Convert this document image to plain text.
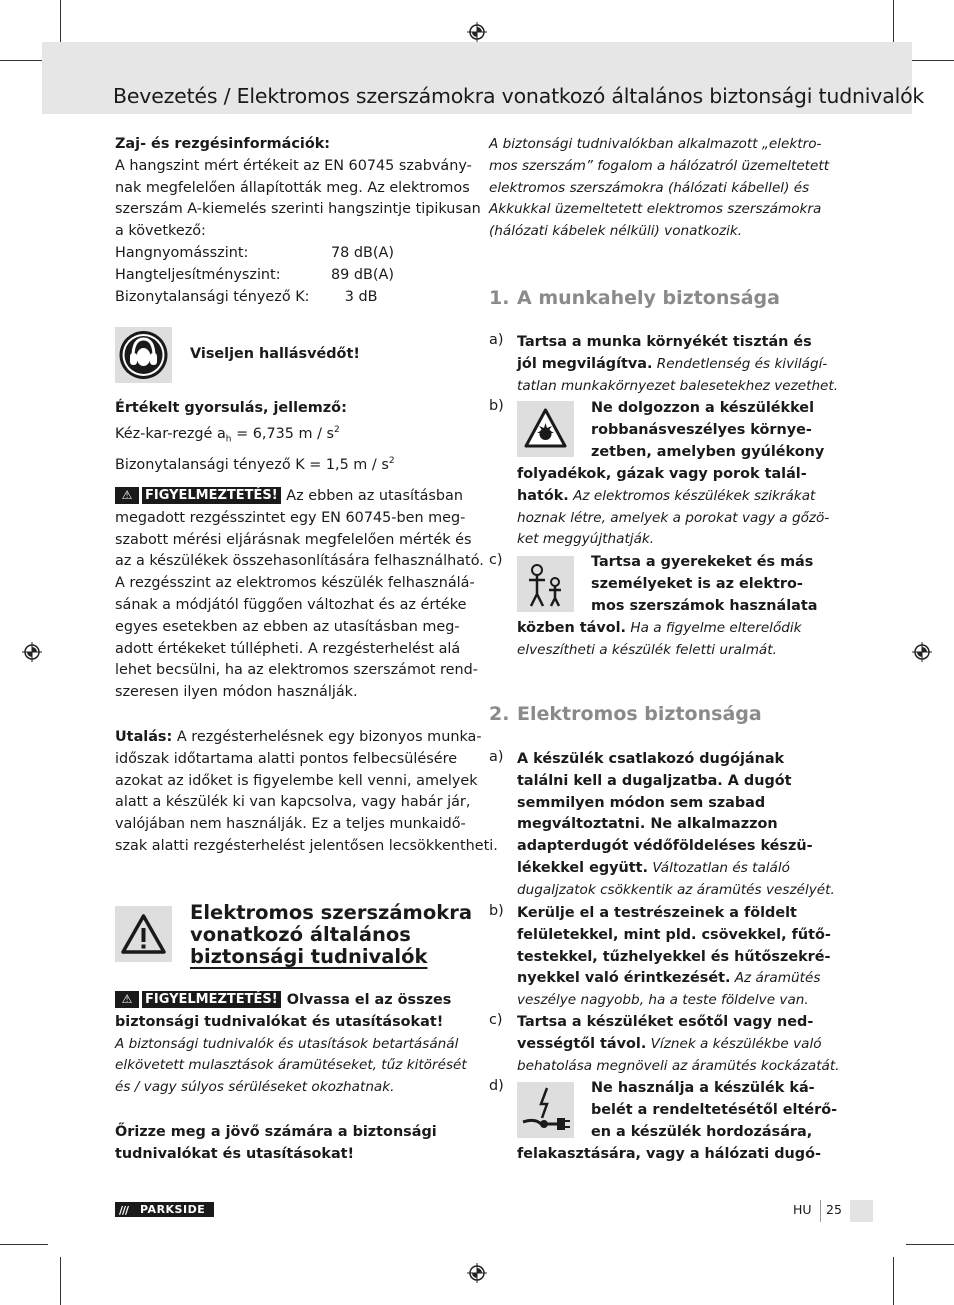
Bevezetés / Elektromos szerszámokra vonatkozó általános biztonsági tudnivalók
Zaj- és rezgésinformációk:
A hangszint mért értékeit az EN 60745 szabvány-
nak megfelelően állapították meg. Az elektromos
szerszám A-kiemelés szerinti hangszintje tipikusan
a következő:
Hangnyomásszint:	78 dB(A)
Hangteljesítményszint:	89 dB(A)
Bizonytalansági tényező K: 3 dB
Viseljen hallásvédőt!
Értékelt gyorsulás, jellemző:
Kéz-kar-rezgé $a_h = 6,735$ m / $s^2$
Bizonytalansági tényező K = 1,5 m / $s^2$
⚠ FIGYELMEZTETÉS! Az ebben az utasításban
megadott rezgésszintet egy EN 60745-ben meg-
szabott mérési eljárásnak megfelelően mérték és
az a készülékek összehasonlítására felhasználható.
A rezgésszint az elektromos készülék felhasználá-
sának a módjától függően változhat és az értéke
egyes esetekben az ebben az utasításban meg-
adott értékeket túllépheti. A rezgésterhelést alá
lehet becsülni, ha az elektromos szerszámot rend-
szeresen ilyen módon használják.
Utalás: A rezgésterhelésnek egy bizonyos munka-
időszak időtartama alatti pontos felbecsülésére
azokat az időket is figyelembe kell venni, amelyek
alatt a készülék ki van kapcsolva, vagy habár jár,
valójában nem használják. Ez a teljes munkaidő-
szak alatti rezgésterhelést jelentősen lecsökkentheti.
Elektromos szerszámokra
vonatkozó általános
biztonsági tudnivalók
⚠ FIGYELMEZTETÉS! Olvassa el az összes
biztonsági tudnivalókat és utasításokat!
A biztonsági tudnivalók és utasítások betartásánál
elkövetett mulasztások áramütéseket, tűz kitörését
és / vagy súlyos sérüléseket okozhatnak.
Őrizze meg a jövő számára a biztonsági
tudnivalókat és utasításokat!
A biztonsági tudnivalókban alkalmazott „elektro-
mos szerszám” fogalom a hálózatról üzemeltetett
elektromos szerszámokra (hálózati kábellel) és
Akkukkal üzemeltetett elektromos szerszámokra
(hálózati kábelek nélküli) vonatkozik.
1. A munkahely biztonsága
a) Tartsa a munka környékét tisztán és
jól megvilágítva. Rendetlenség és kivilágí-
tatlan munkakörnyezet balesetekhez vezethet.
b)	Ne dolgozzon a készülékkel
robbanásveszélyes környe-
zetben, amelyben gyúlékony
folyadékok, gázak vagy porok talál-
hatók. Az elektromos készülékek szikrákat
hoznak létre, amelyek a porokat vagy a gőzö-
ket meggyújthatják.
c)	Tartsa a gyerekeket és más
személyeket is az elektro-
mos szerszámok használata
közben távol. Ha a figyelme elterelődik
elveszítheti a készülék feletti uralmát.
2. Elektromos biztonsága
a) A készülék csatlakozó dugójának
találni kell a dugaljzatba. A dugót
semmilyen módon sem szabad
megváltoztatni. Ne alkalmazzon
adapterdugót védőföldeléses készü-
lékekkel együtt. Változatlan és találó
dugaljzatok csökkentik az áramütés veszélyét.
b) Kerülje el a testrészeinek a földelt
felületekkel, mint pld. csövekkel, fűtő-
testekkel, tűzhelyekkel és hűtőszekré-
nyekkel való érintkezését. Az áramütés
veszélye nagyobb, ha a teste földelve van.
c) Tartsa a készüléket esőtől vagy ned-
vességtől távol. Víznek a készülékbe való
behatolása megnöveli az áramütés kockázatát.
d)	Ne használja a készülék ká-
belét a rendeltetésétől eltérő-
en a készülék hordozására,
felakasztására, vagy a hálózati dugó-
/// PARKSIDE	HU 25
